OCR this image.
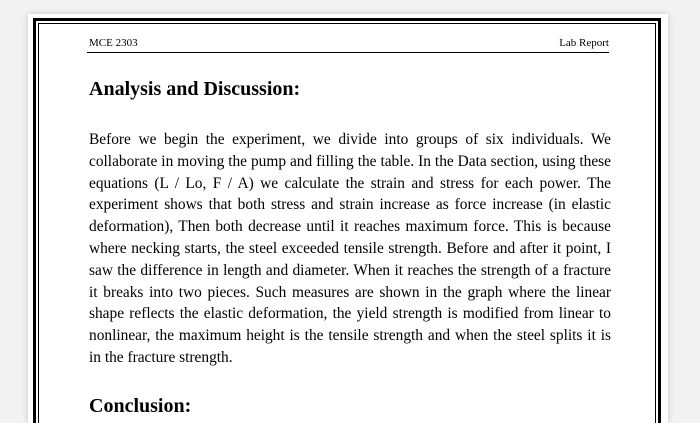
MCE 2303	Lab Report
Analysis and Discussion:

Before we begin the experiment, we divide into groups of six individuals. We collaborate in moving the pump and filling the table. In the Data section, using these equations (L / Lo, F / A) we calculate the strain and stress for each power. The experiment shows that both stress and strain increase as force increase (in elastic deformation), Then both decrease until it reaches maximum force. This is because where necking starts, the steel exceeded tensile strength. Before and after it point, I saw the difference in length and diameter. When it reaches the strength of a fracture it breaks into two pieces. Such measures are shown in the graph where the linear shape reflects the elastic deformation, the yield strength is modified from linear to nonlinear, the maximum height is the tensile strength and when the steel splits it is in the fracture strength.

Conclusion:
